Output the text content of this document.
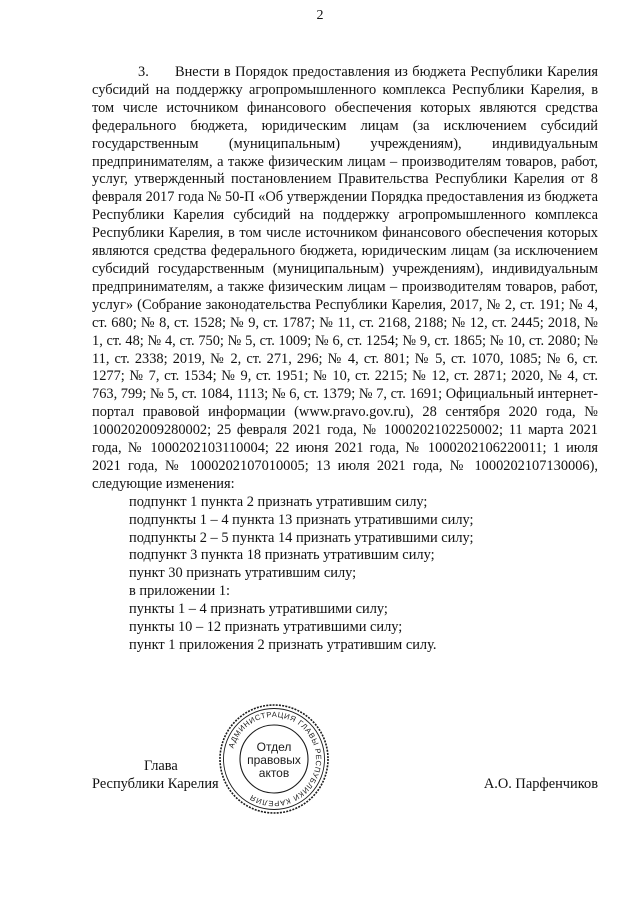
2

3. Внести в Порядок предоставления из бюджета Республики Карелия субсидий на поддержку агропромышленного комплекса Республики Карелия, в том числе источником финансового обеспечения которых являются средства федерального бюджета, юридическим лицам (за исключением субсидий государственным (муниципальным) учреждениям), индивидуальным предпринимателям, а также физическим лицам – производителям товаров, работ, услуг, утвержденный постановлением Правительства Республики Карелия от 8 февраля 2017 года № 50-П «Об утверждении Порядка предоставления из бюджета Республики Карелия субсидий на поддержку агропромышленного комплекса Республики Карелия, в том числе источником финансового обеспечения которых являются средства федерального бюджета, юридическим лицам (за исключением субсидий государственным (муниципальным) учреждениям), индивидуальным предпринимателям, а также физическим лицам – производителям товаров, работ, услуг» (Собрание законодательства Республики Карелия, 2017, № 2, ст. 191; № 4, ст. 680; № 8, ст. 1528; № 9, ст. 1787; № 11, ст. 2168, 2188; № 12, ст. 2445; 2018, № 1, ст. 48; № 4, ст. 750; № 5, ст. 1009; № 6, ст. 1254; № 9, ст. 1865; № 10, ст. 2080; № 11, ст. 2338; 2019, № 2, ст. 271, 296; № 4, ст. 801; № 5, ст. 1070, 1085; № 6, ст. 1277; № 7, ст. 1534; № 9, ст. 1951; № 10, ст. 2215; № 12, ст. 2871; 2020, № 4, ст. 763, 799; № 5, ст. 1084, 1113; № 6, ст. 1379; № 7, ст. 1691; Официальный интернет-портал правовой информации (www.pravo.gov.ru), 28 сентября 2020 года, № 1000202009280002; 25 февраля 2021 года, № 1000202102250002; 11 марта 2021 года, № 1000202103110004; 22 июня 2021 года, № 1000202106220011; 1 июля 2021 года, № 1000202107010005; 13 июля 2021 года, № 1000202107130006), следующие изменения:

подпункт 1 пункта 2 признать утратившим силу;
подпункты 1 – 4 пункта 13 признать утратившими силу;
подпункты 2 – 5 пункта 14 признать утратившими силу;
подпункт 3 пункта 18 признать утратившим силу;
пункт 30 признать утратившим силу;
в приложении 1:
пункты 1 – 4 признать утратившими силу;
пункты 10 – 12 признать утратившими силу;
пункт 1 приложения 2 признать утратившим силу.
Глава
Республики Карелия	А.О. Парфенчиков
АДМИНИСТРАЦИЯ ГЛАВЫ РЕСПУБЛИКИ КАРЕЛИЯ
Отдел
правовых
актов
